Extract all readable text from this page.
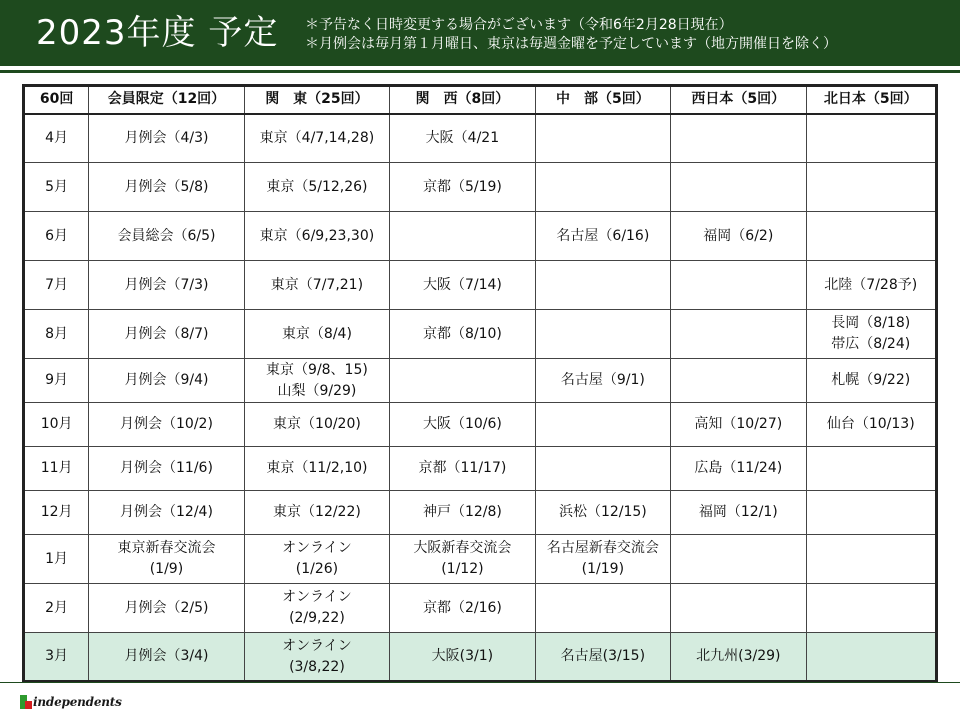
2023年度 予定 ＊予告なく日時変更する場合がございます（令和6年2月28日現在）
＊月例会は毎月第１月曜日、東京は毎週金曜を予定しています（地方開催日を除く）
60回	会員限定（12回）	関　東（25回）	関　西（8回）	中　部（5回）	西日本（5回）	北日本（5回）

4月	月例会（4/3)	東京（4/7,14,28)	大阪（4/21			

5月	月例会（5/8)	東京（5/12,26)	京都（5/19)			

6月	会員総会（6/5)	東京（6/9,23,30)		名古屋（6/16)	福岡（6/2)	

7月	月例会（7/3)	東京（7/7,21)	大阪（7/14)			北陸（7/28予)

8月	月例会（8/7)	東京（8/4)	京都（8/10)			長岡（8/18)
帯広（8/24)

9月	月例会（9/4)	東京（9/8、15)
山梨（9/29)		名古屋（9/1)		札幌（9/22)

10月	月例会（10/2)	東京（10/20)	大阪（10/6)		高知（10/27)	仙台（10/13)

11月	月例会（11/6)	東京（11/2,10)	京都（11/17)		広島（11/24)	

12月	月例会（12/4)	東京（12/22)	神戸（12/8)	浜松（12/15)	福岡（12/1)	

1月	東京新春交流会
(1/9)	オンライン
(1/26)	大阪新春交流会
(1/12)	名古屋新春交流会
(1/19)		

2月	月例会（2/5)	オンライン
(2/9,22)	京都（2/16)			

3月	月例会（3/4)	オンライン
(3/8,22)	大阪(3/1)	名古屋(3/15)	北九州(3/29)	

independents
